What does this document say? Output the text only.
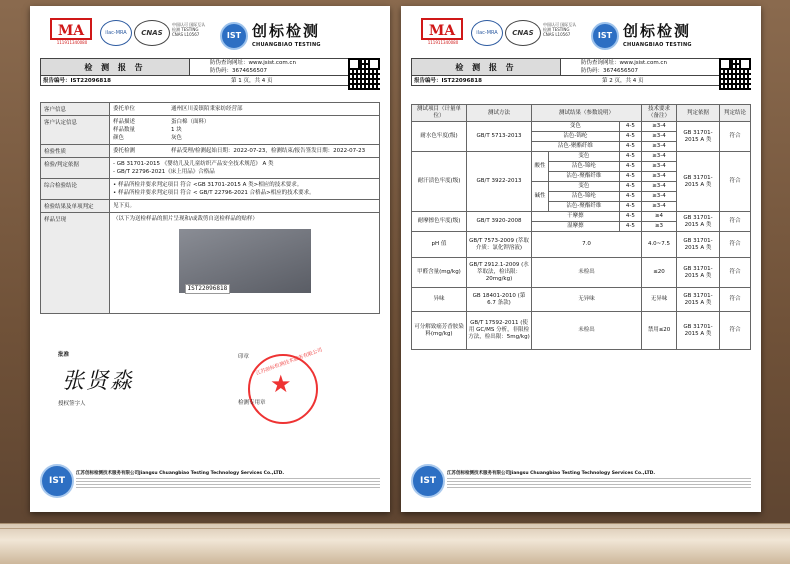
MA
111911340080
ilac-MRA	CNAS
中国认可 国际互认 检测 TESTING CNAS L10567	IST 创标检测
CHUANGBIAO TESTING
检 测 报 告	防伪查询网址：www.jsist.com.cn
防伪码：3674656507
报告编号：IST22096818	第 1 页，共 4 页
客户信息	委托单位	通州区川姜镇陌秉家纺经营部
客户认定信息	样品描述	蛋白棉（面料）
样品数量	1 块
颜色	灰色
检验性质	委托检测	样品受理/检测起始日期：2022-07-23，检测结束/报告签发日期：2022-07-23
检验/判定依据	- GB 31701-2015 《婴幼儿及儿童纺织产品安全技术规范》 A 类
- GB/T 22796-2021《床上用品》合格品
综合检验结论	• 样品所检并要求判定项目 符合 <GB 31701-2015 A 类>相应的技术要求。
• 样品所检并要求判定项目 符合 < GB/T 22796-2021 合格品>相应的技术要求。
检验结果及单项判定	见下页。
样品呈现	（以下为送检样品的照片呈现和/或裁剪自送检样品的贴样）
IST22096818
批准
张贤淼
授权签字人
印章 江苏创标检测技术服务有限公司
★
检测专用章
IST
江苏创标检测技术服务有限公司Jiangsu Chuangbiao Testing Technology Services Co.,LTD.
MA
111911340080
ilac-MRA	CNAS
中国认可 国际互认 检测 TESTING CNAS L10567	IST 创标检测
CHUANGBIAO TESTING
检 测 报 告	防伪查询网址：www.jsist.com.cn
防伪码：3674656507
报告编号：IST22096818	第 2 页，共 4 页
测试项目（计量单位）	测试方法	测试结果（参数说明）			技术要求（备注）	判定依据	判定结论
耐水色牢度(级)	GB/T 5713-2013	变色		4-5	≥3-4	GB 31701-2015 A 类	符合
		沾色-锦纶		4-5	≥3-4		
		沾色-聚酯纤维		4-5	≥3-4		
耐汗渍色牢度(级)	GB/T 3922-2013	酸性	变色	4-5	≥3-4	GB 31701-2015 A 类	符合
			沾色-锦纶	4-5	≥3-4		
			沾色-聚酯纤维	4-5	≥3-4		
		碱性	变色	4-5	≥3-4		
			沾色-锦纶	4-5	≥3-4		
			沾色-聚酯纤维	4-5	≥3-4		
耐摩擦色牢度(级)	GB/T 3920-2008	干摩擦		4-5	≥4	GB 31701-2015 A 类	符合
		湿摩擦		4-5	≥3		
pH 值	GB/T 7573-2009 (萃取介质：氯化钾溶液)	7.0			4.0~7.5	GB 31701-2015 A 类	符合
甲醛含量(mg/kg)	GB/T 2912.1-2009 (水萃取法，检出限：20mg/kg)	未检出			≤20	GB 31701-2015 A 类	符合
异味	GB 18401-2010 (第 6.7 条款)	无异味			无异味	GB 31701-2015 A 类	符合
可分解致癌芳香胺染料(mg/kg)	GB/T 17592-2011 (使用 GC/MS 分析，非限检方法，检出限：5mg/kg)	未检出			禁用≤20	GB 31701-2015 A 类	符合
IST
江苏创标检测技术服务有限公司Jiangsu Chuangbiao Testing Technology Services Co.,LTD.
